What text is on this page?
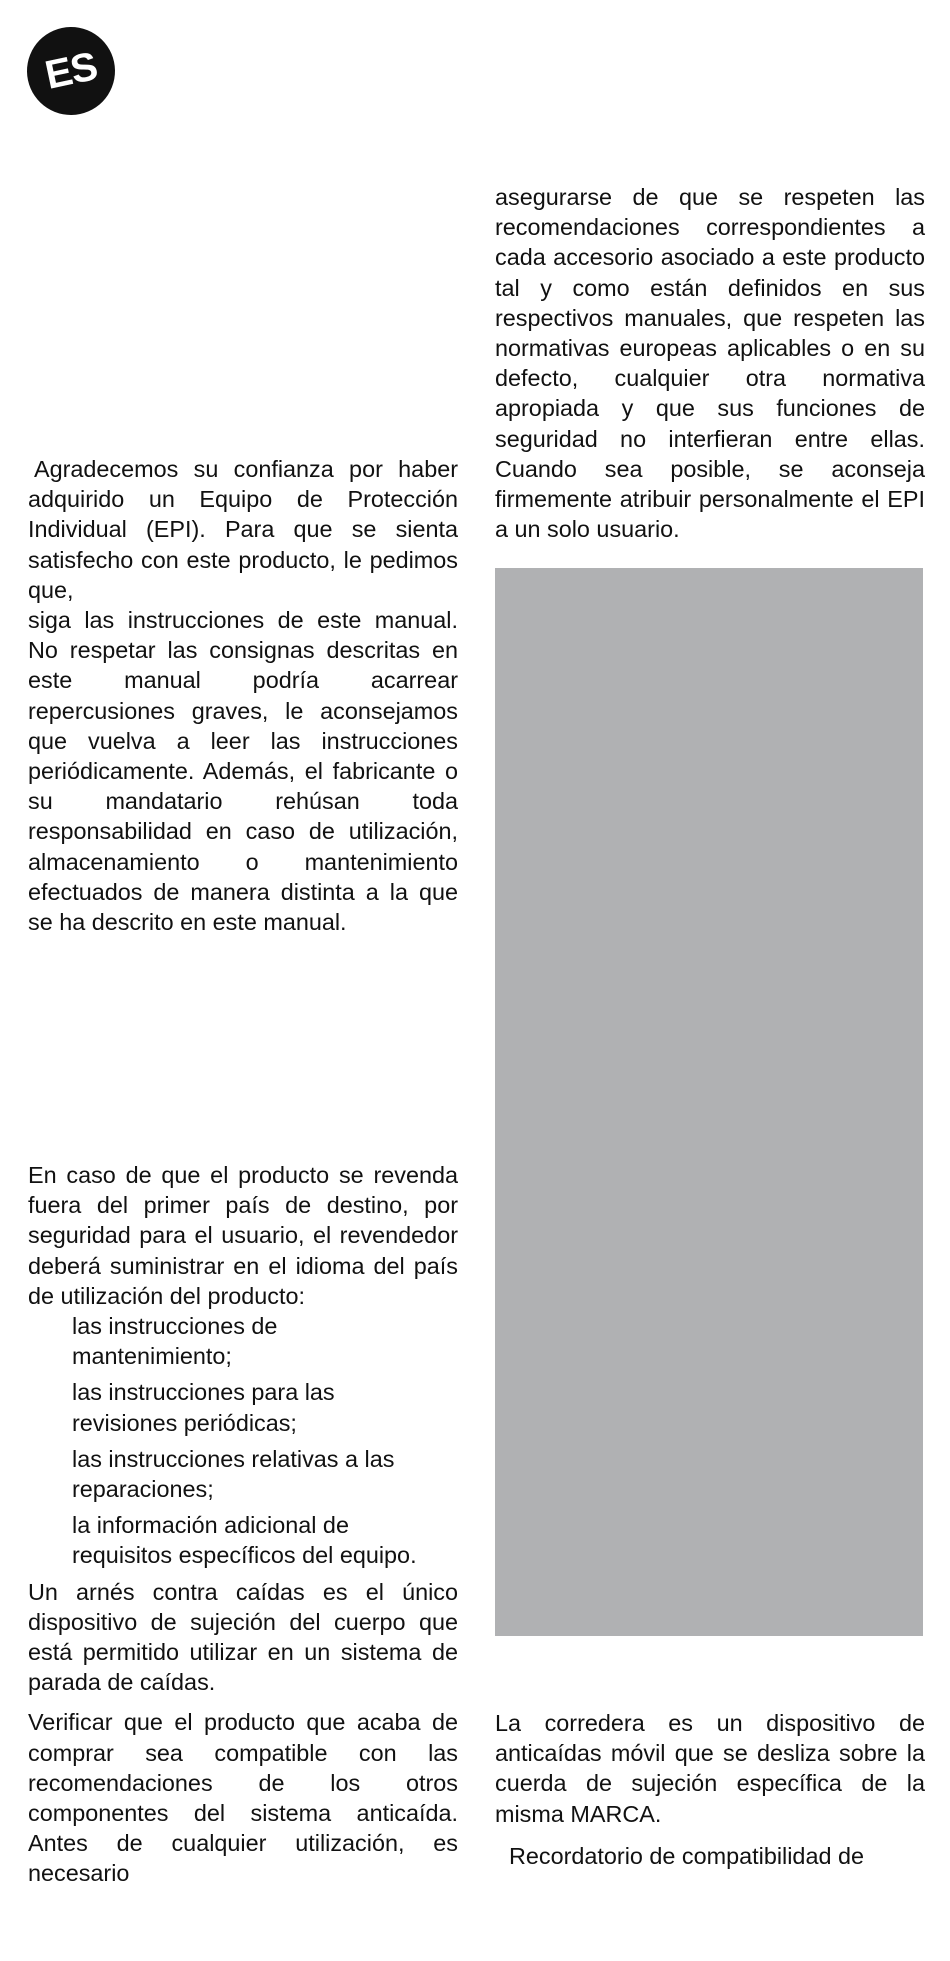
ES

Agradecemos su confianza por haber adquirido un Equipo de Protección Individual (EPI). Para que se sienta satisfecho con este producto, le pedimos que,

siga las instrucciones de este manual. No respetar las consignas descritas en este manual podría acarrear repercusiones graves, le aconsejamos que vuelva a leer las instrucciones periódicamente. Además, el fabricante o su mandatario rehúsan toda responsabilidad en caso de utilización, almacenamiento o mantenimiento efectuados de manera distinta a la que se ha descrito en este manual.

En caso de que el producto se revenda fuera del primer país de destino, por seguridad para el usuario, el revendedor deberá suministrar en el idioma del país de utilización del producto:

las instrucciones de mantenimiento;
las instrucciones para las revisiones periódicas;
las instrucciones relativas a las reparaciones;
la información adicional de requisitos específicos del equipo.

Un arnés contra caídas es el único dispositivo de sujeción del cuerpo que está permitido utilizar en un sistema de parada de caídas.

Verificar que el producto que acaba de comprar sea compatible con las recomendaciones de los otros componentes del sistema anticaída. Antes de cualquier utilización, es necesario

asegurarse de que se respeten las recomendaciones correspondientes a cada accesorio asociado a este producto tal y como están definidos en sus respectivos manuales, que respeten las normativas europeas aplicables o en su defecto, cualquier otra normativa apropiada y que sus funciones de seguridad no interfieran entre ellas. Cuando sea posible, se aconseja firmemente atribuir personalmente el EPI a un solo usuario.

La corredera es un dispositivo de anticaídas móvil que se desliza sobre la cuerda de sujeción específica de la misma MARCA.

Recordatorio de compatibilidad de
